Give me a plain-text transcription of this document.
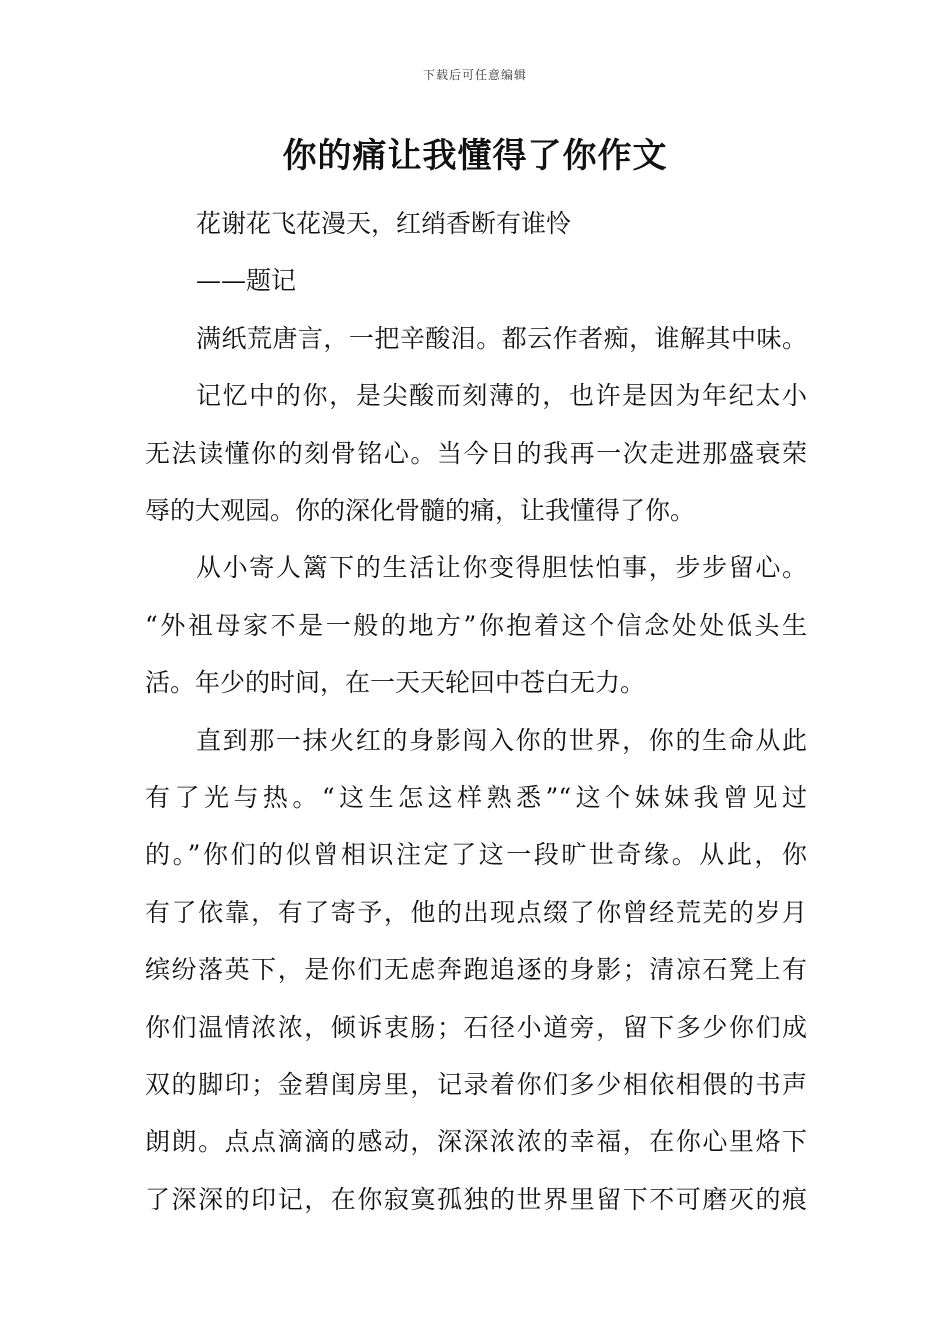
下载后可任意编辑
你的痛让我懂得了你作文
花谢花飞花漫天，红绡香断有谁怜
——题记
满纸荒唐言，一把辛酸泪。都云作者痴，谁解其中味。
记忆中的你，是尖酸而刻薄的，也许是因为年纪太小
无法读懂你的刻骨铭心。当今日的我再一次走进那盛衰荣
辱的大观园。你的深化骨髓的痛，让我懂得了你。
从小寄人篱下的生活让你变得胆怯怕事，步步留心。
“外祖母家不是一般的地方”你抱着这个信念处处低头生
活。年少的时间，在一天天轮回中苍白无力。
直到那一抹火红的身影闯入你的世界，你的生命从此
有了光与热。“这生怎这样熟悉”“这个妹妹我曾见过
的。”你们的似曾相识注定了这一段旷世奇缘。从此，你
有了依靠，有了寄予，他的出现点缀了你曾经荒芜的岁月
缤纷落英下，是你们无虑奔跑追逐的身影；清凉石凳上有
你们温情浓浓，倾诉衷肠；石径小道旁，留下多少你们成
双的脚印；金碧闺房里，记录着你们多少相依相偎的书声
朗朗。点点滴滴的感动，深深浓浓的幸福，在你心里烙下
了深深的印记，在你寂寞孤独的世界里留下不可磨灭的痕
